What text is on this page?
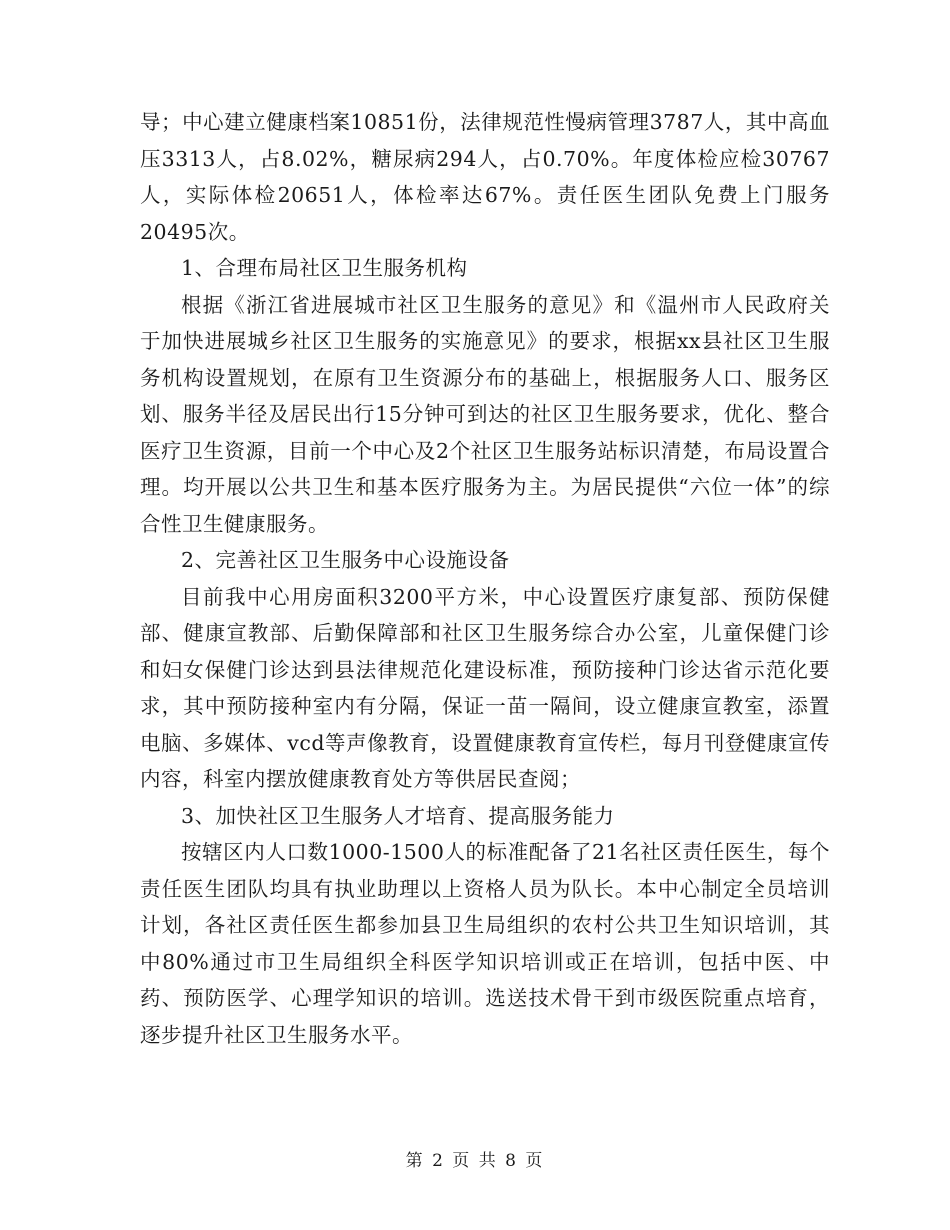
导；中心建立健康档案10851份，法律规范性慢病管理3787人，其中高血压3313人，占8.02%，糖尿病294人，占0.70%。年度体检应检30767人，实际体检20651人，体检率达67%。责任医生团队免费上门服务20495次。

1、合理布局社区卫生服务机构

根据《浙江省进展城市社区卫生服务的意见》和《温州市人民政府关于加快进展城乡社区卫生服务的实施意见》的要求，根据xx县社区卫生服务机构设置规划，在原有卫生资源分布的基础上，根据服务人口、服务区划、服务半径及居民出行15分钟可到达的社区卫生服务要求，优化、整合医疗卫生资源，目前一个中心及2个社区卫生服务站标识清楚，布局设置合理。均开展以公共卫生和基本医疗服务为主。为居民提供“六位一体”的综合性卫生健康服务。

2、完善社区卫生服务中心设施设备

目前我中心用房面积3200平方米，中心设置医疗康复部、预防保健部、健康宣教部、后勤保障部和社区卫生服务综合办公室，儿童保健门诊和妇女保健门诊达到县法律规范化建设标准，预防接种门诊达省示范化要求，其中预防接种室内有分隔，保证一苗一隔间，设立健康宣教室，添置电脑、多媒体、vcd等声像教育，设置健康教育宣传栏，每月刊登健康宣传内容，科室内摆放健康教育处方等供居民查阅；

3、加快社区卫生服务人才培育、提高服务能力

按辖区内人口数1000-1500人的标准配备了21名社区责任医生，每个责任医生团队均具有执业助理以上资格人员为队长。本中心制定全员培训计划，各社区责任医生都参加县卫生局组织的农村公共卫生知识培训，其中80%通过市卫生局组织全科医学知识培训或正在培训，包括中医、中药、预防医学、心理学知识的培训。选送技术骨干到市级医院重点培育，逐步提升社区卫生服务水平。

第 2 页 共 8 页
